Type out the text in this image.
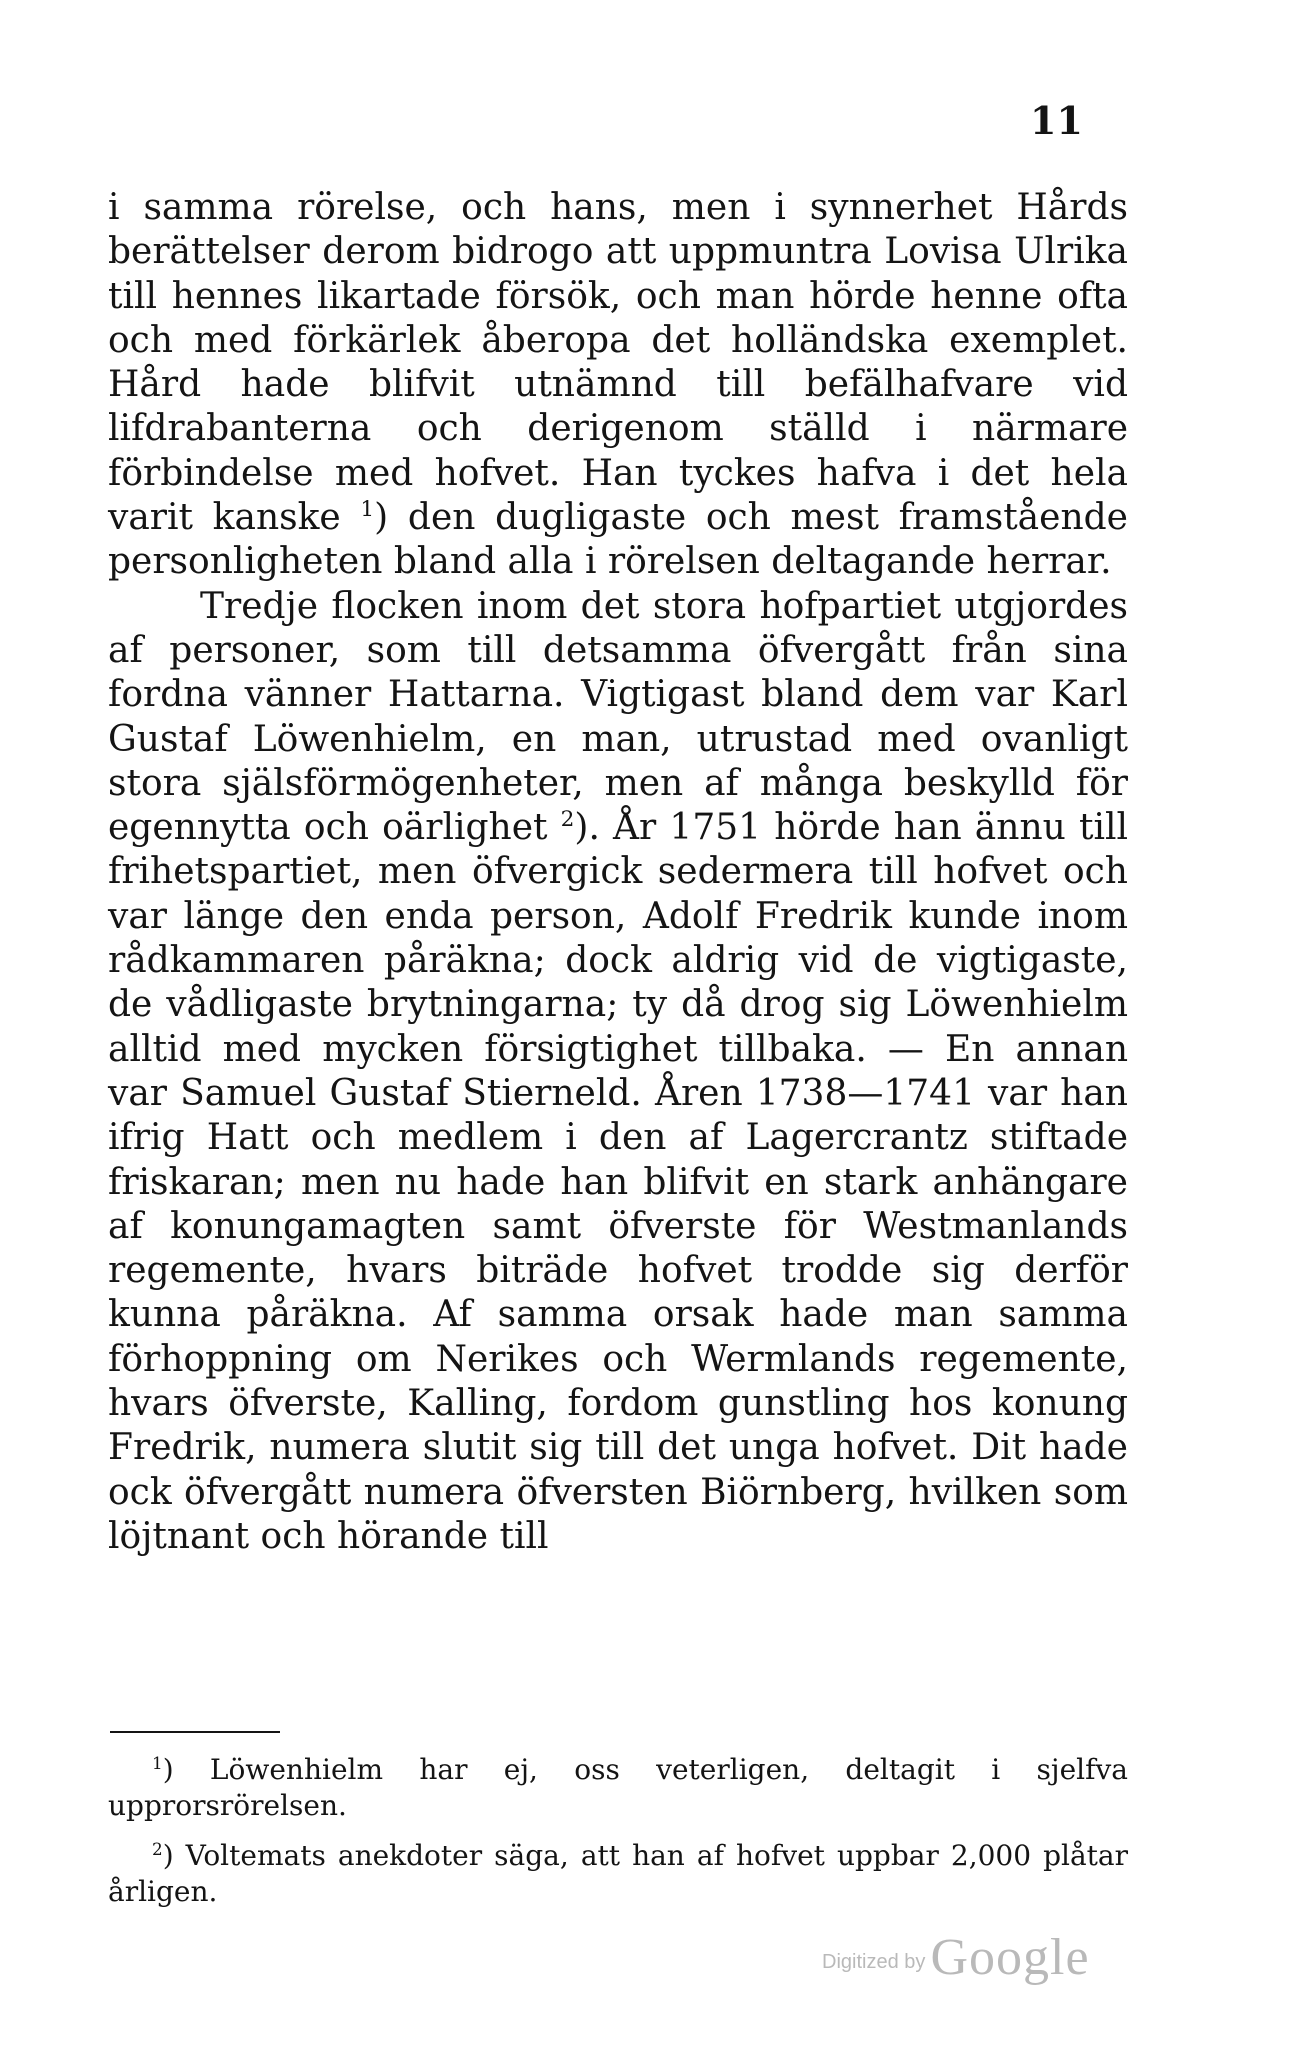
11

i samma rörelse, och hans, men i synnerhet Hårds berättelser derom bidrogo att uppmuntra Lovisa Ulrika till hennes likartade försök, och man hörde henne ofta och med förkärlek åberopa det holländska exemplet. Hård hade blifvit utnämnd till befälhafvare vid lifdrabanterna och derigenom ställd i närmare förbindelse med hofvet. Han tyckes hafva i det hela varit kanske $^1$) den dugligaste och mest framstående personligheten bland alla i rörelsen deltagande herrar.

Tredje flocken inom det stora hofpartiet utgjordes af personer, som till detsamma öfvergått från sina fordna vänner Hattarna. Vigtigast bland dem var Karl Gustaf Löwenhielm, en man, utrustad med ovanligt stora själsförmögenheter, men af många beskylld för egennytta och oärlighet $^2$). År 1751 hörde han ännu till frihetspartiet, men öfvergick sedermera till hofvet och var länge den enda person, Adolf Fredrik kunde inom rådkammaren påräkna; dock aldrig vid de vigtigaste, de vådligaste brytningarna; ty då drog sig Löwenhielm alltid med mycken försigtighet tillbaka. — En annan var Samuel Gustaf Stierneld. Åren 1738—1741 var han ifrig Hatt och medlem i den af Lagercrantz stiftade friskaran; men nu hade han blifvit en stark anhängare af konungamagten samt öfverste för Westmanlands regemente, hvars biträde hofvet trodde sig derför kunna påräkna. Af samma orsak hade man samma förhoppning om Nerikes och Wermlands regemente, hvars öfverste, Kalling, fordom gunstling hos konung Fredrik, numera slutit sig till det unga hofvet. Dit hade ock öfvergått numera öfversten Biörnberg, hvilken som löjtnant och hörande till

$^1$) Löwenhielm har ej, oss veterligen, deltagit i sjelfva upprorsrörelsen.

$^2$) Voltemats anekdoter säga, att han af hofvet uppbar 2,000 plåtar årligen.

Digitized by Google
